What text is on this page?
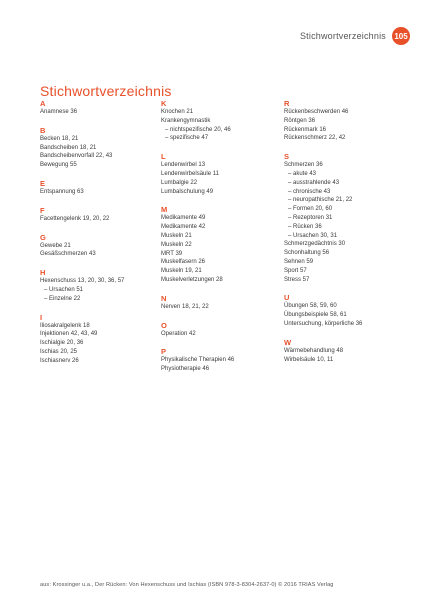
Stichwortverzeichnis 105
Stichwortverzeichnis
A
Anamnese 36
B
Becken 18, 21
Bandscheiben 18, 21
Bandscheibenvorfall 22, 43
Bewegung 55
E
Entspannung 63
F
Facettengelenk 19, 20, 22
G
Gewebe 21
Gesäßschmerzen 43
H
Hexenschuss 13, 20, 30, 36, 57
– Ursachen 51
– Einzelne 22
I
Iliosakralgelenk 18
Injektionen 42, 43, 49
Ischialgie 20, 36
Ischias 20, 25
Ischiasnerv 26
K
Knochen 21
Krankengymnastik
– nichtspezifische 20, 46
– spezifische 47
L
Lendenwirbel 13
Lendenwirbelsäule 11
Lumbalgie 22
Lumbalschulung 49
M
Medikamente 49
Medikamente 42
Muskeln 21
Muskeln 22
MRT 39
Muskelfasern 26
Muskeln 19, 21
Muskelverletzungen 28
N
Nerven 18, 21, 22
O
Operation 42
P
Physikalische Therapien 46
Physiotherapie 46
R
Rückenbeschwerden 46
Röntgen 36
Rückenmark 16
Rückenschmerz 22, 42
S
Schmerzen 36
– akute 43
– ausstrahlende 43
– chronische 43
– neuropathische 21, 22
– Formen 20, 60
– Rezeptoren 31
– Rücken 36
– Ursachen 30, 31
Schmerzgedächtnis 30
Schonhaltung 56
Sehnen 59
Sport 57
Stress 57
U
Übungen 58, 59, 60
Übungsbeispiele 58, 61
Untersuchung, körperliche 36
W
Wärmebehandlung 48
Wirbelsäule 10, 11
aus: Krossinger u.a., Der Rücken: Von Hexenschuss und Ischias (ISBN 978-3-8304-2637-0) © 2016 TRIAS Verlag
